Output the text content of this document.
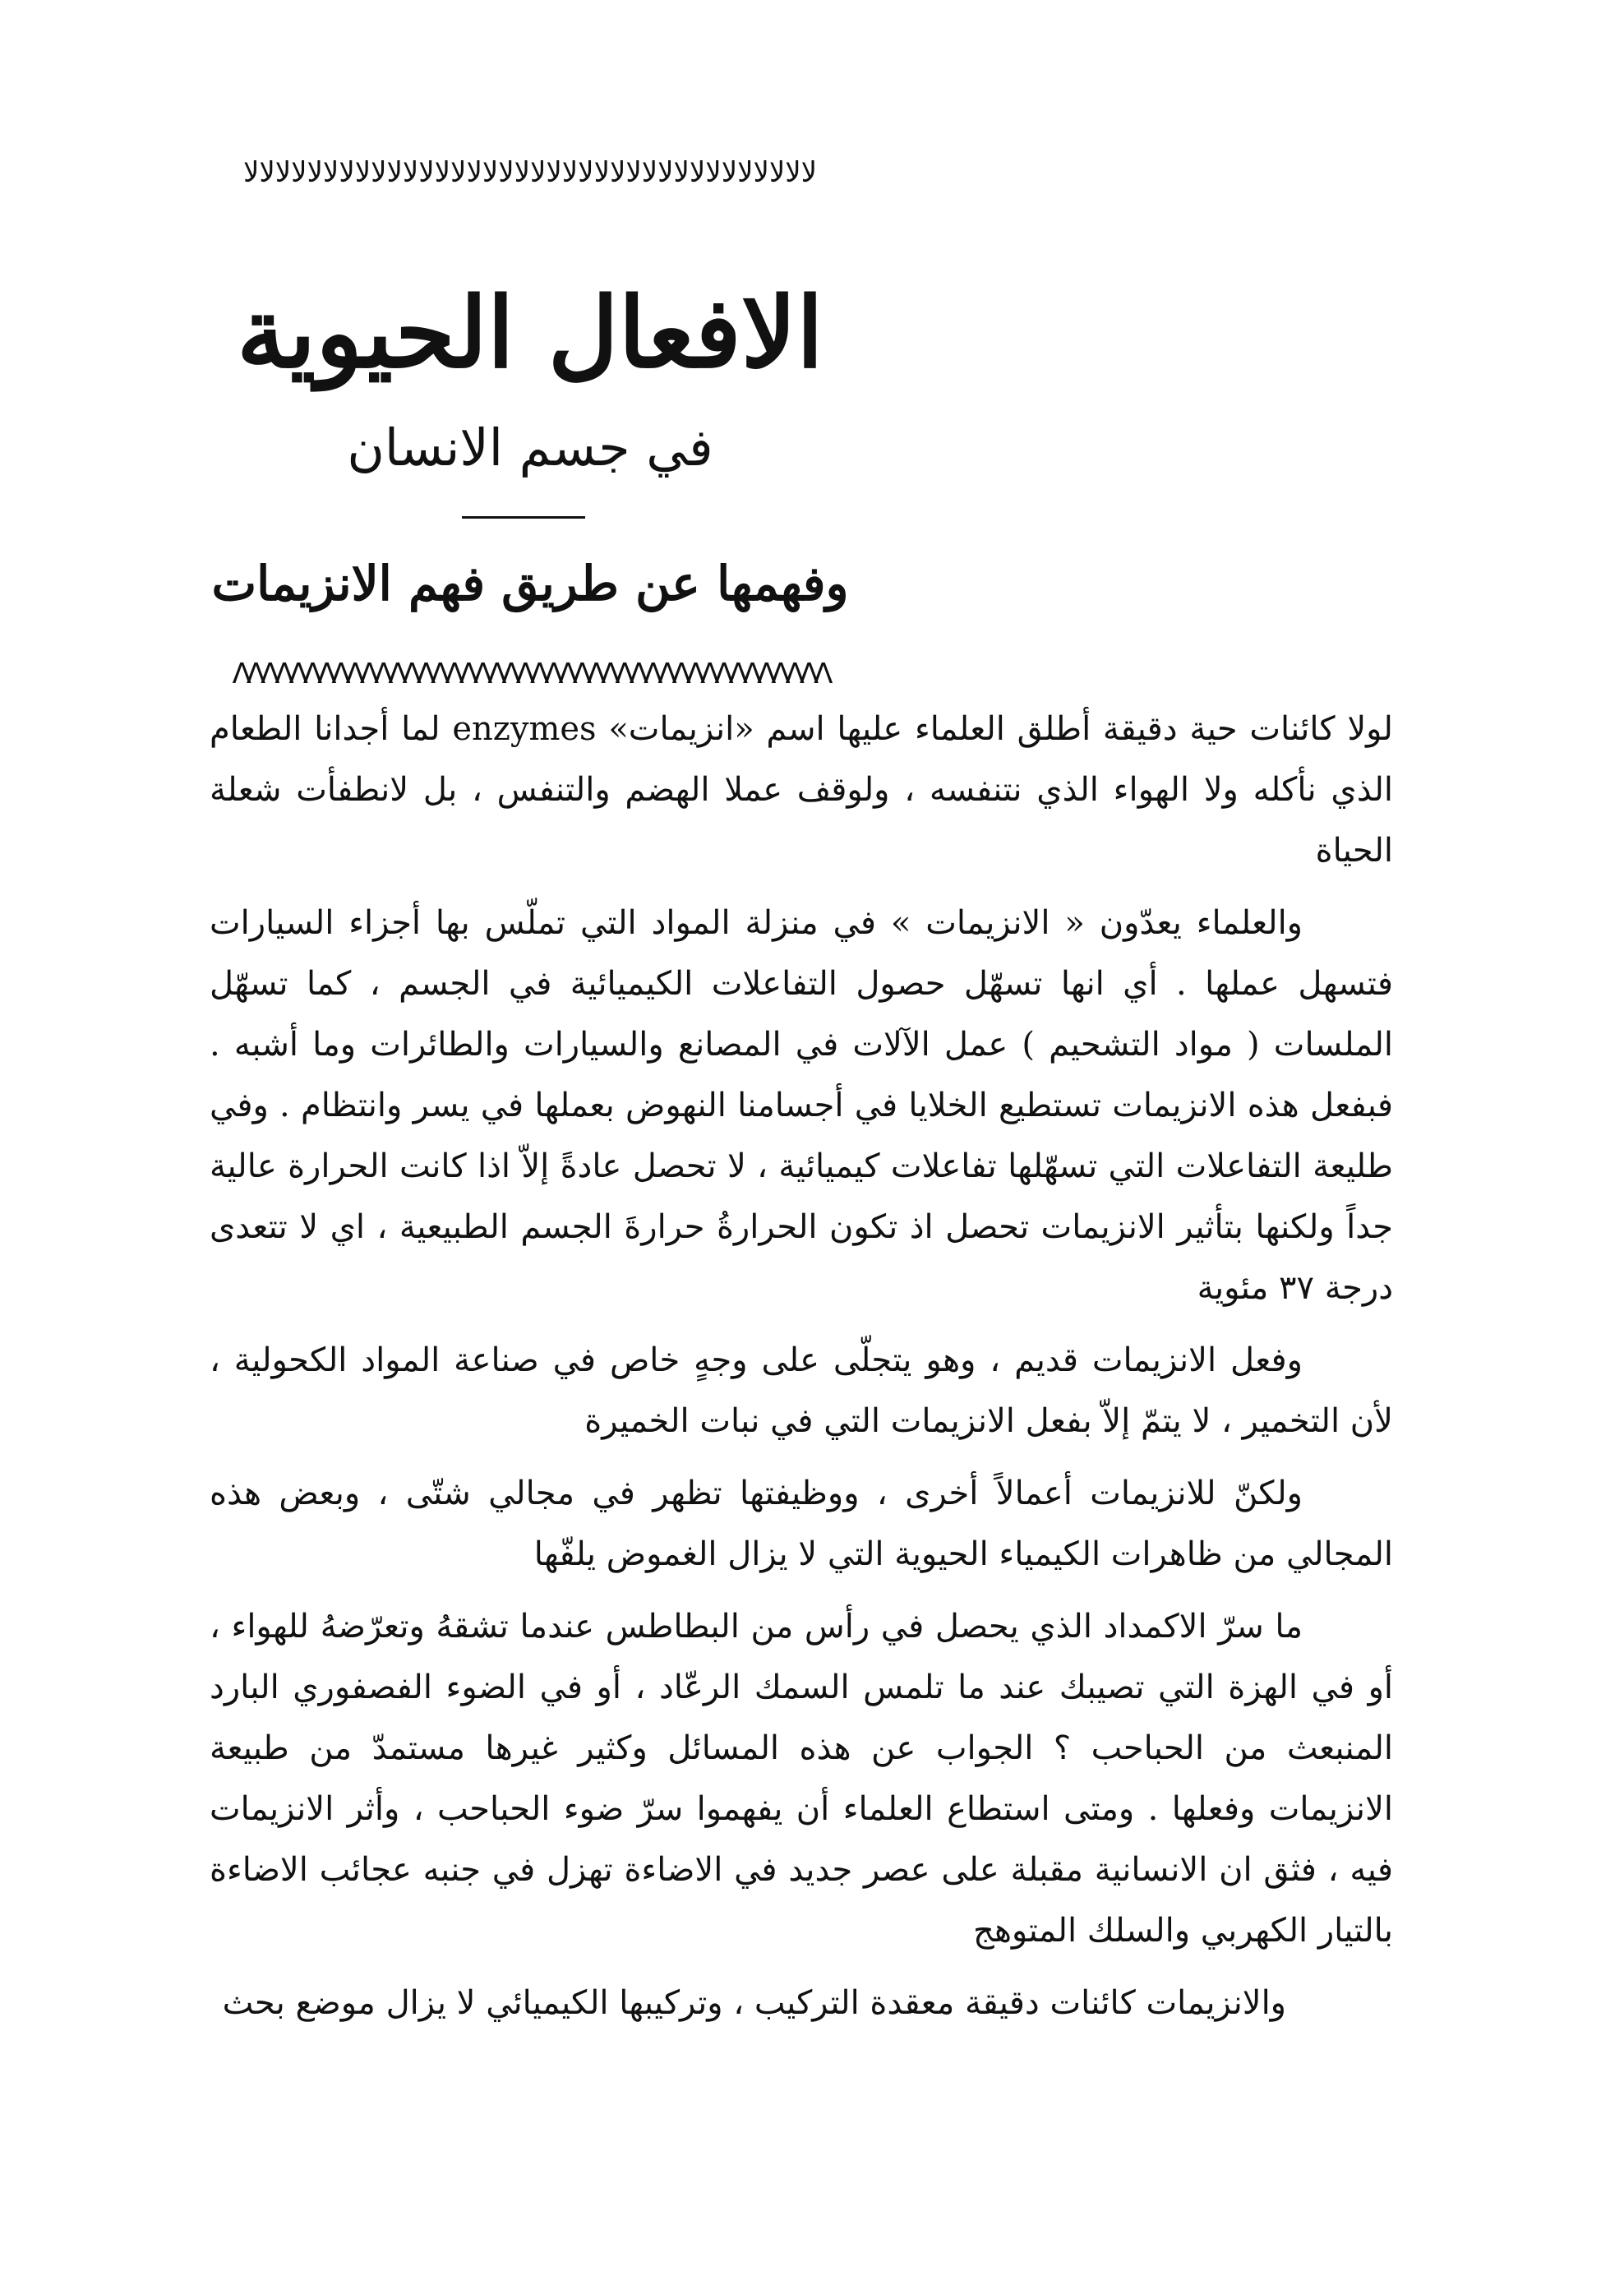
ﻻﻻﻻﻻﻻﻻﻻﻻﻻﻻﻻﻻﻻﻻﻻﻻﻻﻻﻻﻻﻻﻻﻻﻻﻻﻻﻻﻻﻻﻻﻻﻻﻻﻻﻻﻻ
الافعال الحيوية
في جسم الانسان
وفهمها عن طريق فهم الانزيمات
ᐱᐱᐱᐱᐱᐱᐱᐱᐱᐱᐱᐱᐱᐱᐱᐱᐱᐱᐱᐱᐱᐱᐱᐱᐱᐱᐱᐱᐱᐱᐱᐱᐱᐱᐱᐱᐱᐱᐱᐱᐱᐱ

لولا كائنات حية دقيقة أطلق العلماء عليها اسم «انزيمات» enzymes لما أجدانا الطعام الذي نأكله ولا الهواء الذي نتنفسه ، ولوقف عملا الهضم والتنفس ، بل لانطفأت شعلة الحياة

والعلماء يعدّون « الانزيمات » في منزلة المواد التي تملّس بها أجزاء السيارات فتسهل عملها . أي انها تسهّل حصول التفاعلات الكيميائية في الجسم ، كما تسهّل الملسات ( مواد التشحيم ) عمل الآلات في المصانع والسيارات والطائرات وما أشبه . فبفعل هذه الانزيمات تستطيع الخلايا في أجسامنا النهوض بعملها في يسر وانتظام . وفي طليعة التفاعلات التي تسهّلها تفاعلات كيميائية ، لا تحصل عادةً إلاّ اذا كانت الحرارة عالية جداً ولكنها بتأثير الانزيمات تحصل اذ تكون الحرارةُ حرارةَ الجسم الطبيعية ، اي لا تتعدى درجة ٣٧ مئوية

وفعل الانزيمات قديم ، وهو يتجلّى على وجهٍ خاص في صناعة المواد الكحولية ، لأن التخمير ، لا يتمّ إلاّ بفعل الانزيمات التي في نبات الخميرة

ولكنّ للانزيمات أعمالاً أخرى ، ووظيفتها تظهر في مجالي شتّى ، وبعض هذه المجالي من ظاهرات الكيمياء الحيوية التي لا يزال الغموض يلفّها

ما سرّ الاكمداد الذي يحصل في رأس من البطاطس عندما تشقهُ وتعرّضهُ للهواء ، أو في الهزة التي تصيبك عند ما تلمس السمك الرعّاد ، أو في الضوء الفصفوري البارد المنبعث من الحباحب ؟ الجواب عن هذه المسائل وكثير غيرها مستمدّ من طبيعة الانزيمات وفعلها . ومتى استطاع العلماء أن يفهموا سرّ ضوء الحباحب ، وأثر الانزيمات فيه ، فثق ان الانسانية مقبلة على عصر جديد في الاضاءة تهزل في جنبه عجائب الاضاءة بالتيار الكهربي والسلك المتوهج

والانزيمات كائنات دقيقة معقدة التركيب ، وتركيبها الكيميائي لا يزال موضع بحث
